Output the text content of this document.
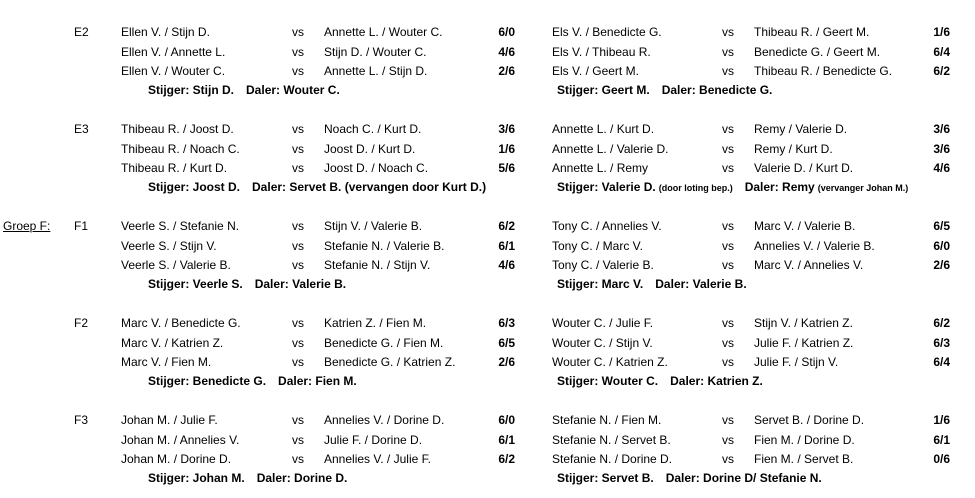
Groep F:
E2	Ellen V. / Stijn D.	vs Annette L. / Wouter C.	6/0
Ellen V. / Annette L.	vs Stijn D. / Wouter C.	4/6
Ellen V. / Wouter C.	vs Annette L. / Stijn D.	2/6
Stijger: Stijn D. Daler: Wouter C.
Els V. / Benedicte G.	vs Thibeau R. / Geert M.	1/6
Els V. / Thibeau R.	vs Benedicte G. / Geert M.	6/4
Els V. / Geert M.	vs Thibeau R. / Benedicte G.	6/2
Stijger: Geert M. Daler: Benedicte G.
E3	Thibeau R. / Joost D.	vs Noach C. / Kurt D.	3/6
Thibeau R. / Noach C.	vs Joost D. / Kurt D.	1/6
Thibeau R. / Kurt D.	vs Joost D. / Noach C.	5/6
Stijger: Joost D. Daler: Servet B. (vervangen door Kurt D.)
Annette L. / Kurt D.	vs Remy / Valerie D.	3/6
Annette L. / Valerie D.	vs Remy / Kurt D.	3/6
Annette L. / Remy	vs Valerie D. / Kurt D.	4/6
Stijger: Valerie D. (door loting bep.) Daler: Remy (vervanger Johan M.)
F1	Veerle S. / Stefanie N.	vs Stijn V. / Valerie B.	6/2
Veerle S. / Stijn V.	vs Stefanie N. / Valerie B.	6/1
Veerle S. / Valerie B.	vs Stefanie N. / Stijn V.	4/6
Stijger: Veerle S. Daler: Valerie B.
Tony C. / Annelies V.	vs Marc V. / Valerie B.	6/5
Tony C. / Marc V.	vs Annelies V. / Valerie B.	6/0
Tony C. / Valerie B.	vs Marc V. / Annelies V.	2/6
Stijger: Marc V. Daler: Valerie B.
F2	Marc V. / Benedicte G.	vs Katrien Z. / Fien M.	6/3
Marc V. / Katrien Z.	vs Benedicte G. / Fien M.	6/5
Marc V. / Fien M.	vs Benedicte G. / Katrien Z.	2/6
Stijger: Benedicte G. Daler: Fien M.
Wouter C. / Julie F.	vs Stijn V. / Katrien Z.	6/2
Wouter C. / Stijn V.	vs Julie F. / Katrien Z.	6/3
Wouter C. / Katrien Z.	vs Julie F. / Stijn V.	6/4
Stijger: Wouter C. Daler: Katrien Z.
F3	Johan M. / Julie F.	vs Annelies V. / Dorine D.	6/0
Johan M. / Annelies V.	vs Julie F. / Dorine D.	6/1
Johan M. / Dorine D.	vs Annelies V. / Julie F.	6/2
Stijger: Johan M. Daler: Dorine D.
Stefanie N. / Fien M.	vs Servet B. / Dorine D.	1/6
Stefanie N. / Servet B.	vs Fien M. / Dorine D.	6/1
Stefanie N. / Dorine D.	vs Fien M. / Servet B.	0/6
Stijger: Servet B. Daler: Dorine D/ Stefanie N.
